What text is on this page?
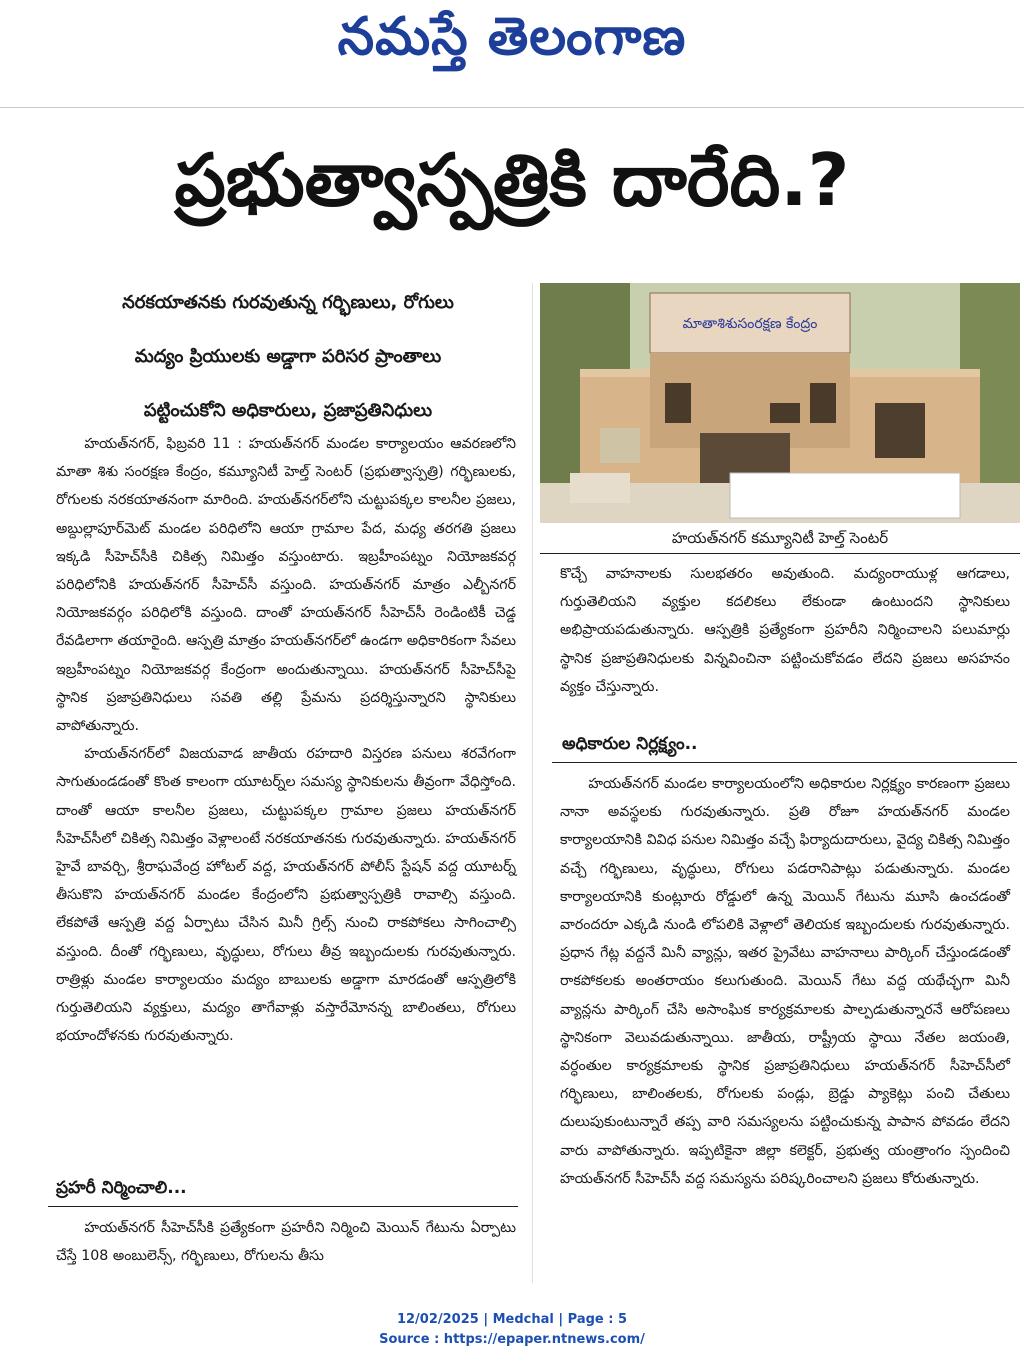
నమస్తే తెలంగాణ
ప్రభుత్వాస్పత్రికి దారేది.?

నరకయాతనకు గురవుతున్న గర్భిణులు, రోగులు

మద్యం ప్రియులకు అడ్డాగా పరిసర ప్రాంతాలు

పట్టించుకోని అధికారులు, ప్రజాప్రతినిధులు

మాతాశిశుసంరక్షణ కేంద్రం
హయత్‌నగర్ కమ్యూనిటీ హెల్త్ సెంటర్

హయత్‌నగర్, ఫిబ్రవరి 11 : హయత్‌నగర్ మండల కార్యాలయం ఆవరణలోని మాతా శిశు సంరక్షణ కేంద్రం, కమ్యూనిటీ హెల్త్ సెంటర్ (ప్రభుత్వాస్పత్రి) గర్భిణులకు, రోగులకు నరకయాతనంగా మారింది. హయత్‌నగర్‌లోని చుట్టుపక్కల కాలనీల ప్రజలు, అబ్దుల్లాపూర్‌మెట్ మండల పరిధిలోని ఆయా గ్రామాల పేద, మధ్య తరగతి ప్రజలు ఇక్కడి సీహెచ్‌సీకి చికిత్స నిమిత్తం వస్తుంటారు. ఇబ్రహీంపట్నం నియోజకవర్గ పరిధిలోనికి హయత్‌నగర్ సీహెచ్‌సీ వస్తుంది. హయత్‌నగర్ మాత్రం ఎల్బీనగర్ నియోజకవర్గం పరిధిలోకి వస్తుంది. దాంతో హయత్‌నగర్ సీహెచ్‌సీ రెండింటికీ చెడ్డ రేవడిలాగా తయారైంది. ఆస్పత్రి మాత్రం హయత్‌నగర్‌లో ఉండగా అధికారికంగా సేవలు ఇబ్రహీంపట్నం నియోజకవర్గ కేంద్రంగా అందుతున్నాయి. హయత్‌నగర్ సీహెచ్‌సీపై స్థానిక ప్రజాప్రతినిధులు సవతి తల్లి ప్రేమను ప్రదర్శిస్తున్నారని స్థానికులు వాపోతున్నారు.

హయత్‌నగర్‌లో విజయవాడ జాతీయ రహదారి విస్తరణ పనులు శరవేగంగా సాగుతుండడంతో కొంత కాలంగా యూటర్న్‌ల సమస్య స్థానికులను తీవ్రంగా వేధిస్తోంది. దాంతో ఆయా కాలనీల ప్రజలు, చుట్టుపక్కల గ్రామాల ప్రజలు హయత్‌నగర్ సీహెచ్‌సీలో చికిత్స నిమిత్తం వెళ్లాలంటే నరకయాతనకు గురవుతున్నారు. హయత్‌నగర్ హైవే బావర్చి, శ్రీరాఘవేంద్ర హోటల్ వద్ద, హయత్‌నగర్ పోలీస్ స్టేషన్ వద్ద యూటర్న్ తీసుకొని హయత్‌నగర్ మండల కేంద్రంలోని ప్రభుత్వాస్పత్రికి రావాల్సి వస్తుంది. లేకపోతే ఆస్పత్రి వద్ద ఏర్పాటు చేసిన మినీ గ్రిల్స్ నుంచి రాకపోకలు సాగించాల్సి వస్తుంది. దీంతో గర్భిణులు, వృద్ధులు, రోగులు తీవ్ర ఇబ్బందులకు గురవుతున్నారు. రాత్రిళ్లు మండల కార్యాలయం మద్యం బాబులకు అడ్డాగా మారడంతో ఆస్పత్రిలోకి గుర్తుతెలియని వ్యక్తులు, మద్యం తాగేవాళ్లు వస్తారేమోనన్న బాలింతలు, రోగులు భయాందోళనకు గురవుతున్నారు.

ప్రహరీ నిర్మించాలి...

హయత్‌నగర్ సీహెచ్‌సీకి ప్రత్యేకంగా ప్రహరీని నిర్మించి మెయిన్ గేటును ఏర్పాటు చేస్తే 108 అంబులెన్స్, గర్భిణులు, రోగులను తీసు

కొచ్చే వాహనాలకు సులభతరం అవుతుంది. మద్యంరాయుళ్ల ఆగడాలు, గుర్తుతెలియని వ్యక్తుల కదలికలు లేకుండా ఉంటుందని స్థానికులు అభిప్రాయపడుతున్నారు. ఆస్పత్రికి ప్రత్యేకంగా ప్రహరీని నిర్మించాలని పలుమార్లు స్థానిక ప్రజాప్రతినిధులకు విన్నవించినా పట్టించుకోవడం లేదని ప్రజలు అసహనం వ్యక్తం చేస్తున్నారు.

అధికారుల నిర్లక్ష్యం..

హయత్‌నగర్ మండల కార్యాలయంలోని అధికారుల నిర్లక్ష్యం కారణంగా ప్రజలు నానా అవస్థలకు గురవుతున్నారు. ప్రతి రోజూ హయత్‌నగర్ మండల కార్యాలయానికి వివిధ పనుల నిమిత్తం వచ్చే ఫిర్యాదుదారులు, వైద్య చికిత్స నిమిత్తం వచ్చే గర్భిణులు, వృద్ధులు, రోగులు పడరానిపాట్లు పడుతున్నారు. మండల కార్యాలయానికి కుంట్లూరు రోడ్డులో ఉన్న మెయిన్ గేటును మూసి ఉంచడంతో వారందరూ ఎక్కడి నుండి లోపలికి వెళ్లాలో తెలియక ఇబ్బందులకు గురవుతున్నారు. ప్రధాన గేట్ల వద్దనే మినీ వ్యాన్లు, ఇతర ప్రైవేటు వాహనాలు పార్కింగ్ చేస్తుండడంతో రాకపోకలకు అంతరాయం కలుగుతుంది. మెయిన్ గేటు వద్ద యథేచ్ఛగా మినీ వ్యాన్లను పార్కింగ్ చేసి అసాంఘిక కార్యక్రమాలకు పాల్పడుతున్నారనే ఆరోపణలు స్థానికంగా వెలువడుతున్నాయి. జాతీయ, రాష్ట్రీయ స్థాయి నేతల జయంతి, వర్ధంతుల కార్యక్రమాలకు స్థానిక ప్రజాప్రతినిధులు హయత్‌నగర్ సీహెచ్‌సీలో గర్భిణులు, బాలింతలకు, రోగులకు పండ్లు, బ్రెడ్డు ప్యాకెట్లు పంచి చేతులు దులుపుకుంటున్నారే తప్ప వారి సమస్యలను పట్టించుకున్న పాపాన పోవడం లేదని వారు వాపోతున్నారు. ఇప్పటికైనా జిల్లా కలెక్టర్, ప్రభుత్వ యంత్రాంగం స్పందించి హయత్‌నగర్ సీహెచ్‌సీ వద్ద సమస్యను పరిష్కరించాలని ప్రజలు కోరుతున్నారు.

12/02/2025 | Medchal | Page : 5
Source : https://epaper.ntnews.com/
